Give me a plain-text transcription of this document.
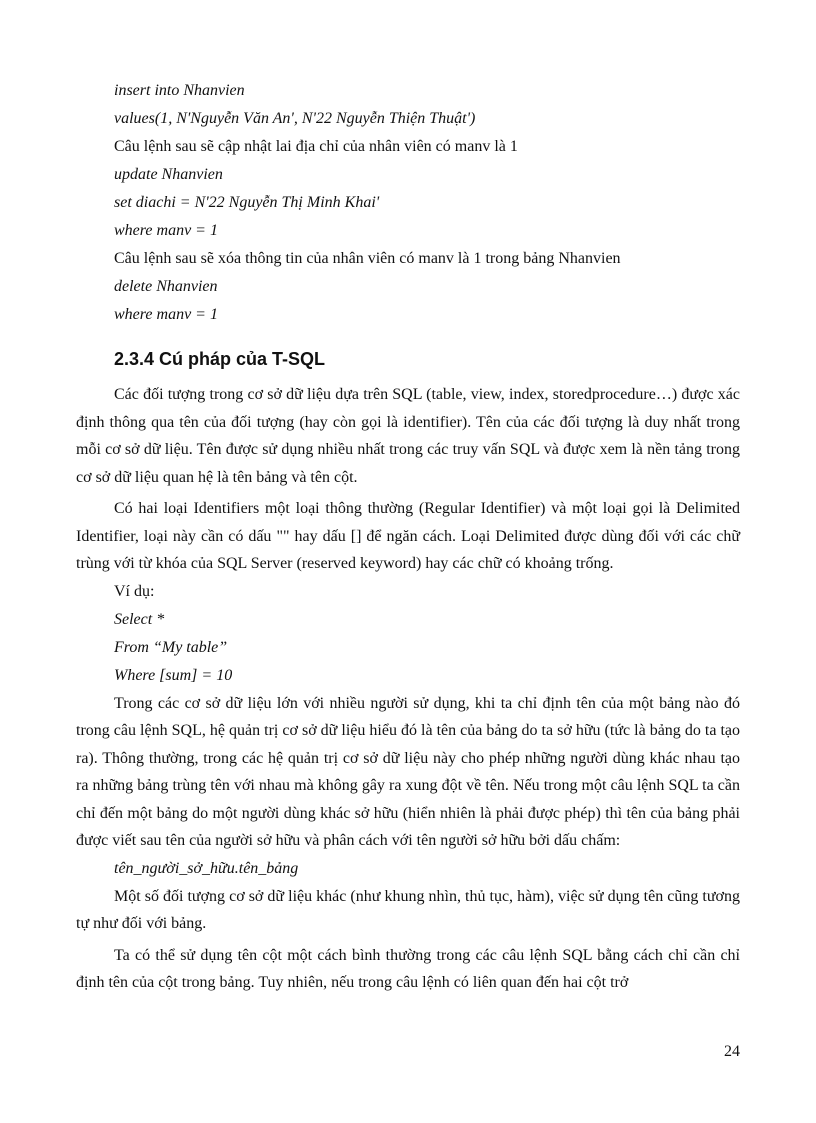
insert into Nhanvien
values(1, N'Nguyễn Văn An', N'22 Nguyễn Thiện Thuật')
Câu lệnh sau sẽ cập nhật lai địa chỉ của nhân viên có manv là 1
update Nhanvien
set diachi = N'22 Nguyễn Thị Minh Khai'
where manv = 1
Câu lệnh sau sẽ xóa thông tin của nhân viên có manv là 1 trong bảng Nhanvien
delete Nhanvien
where manv = 1
2.3.4 Cú pháp của T-SQL

Các đối tượng trong cơ sở dữ liệu dựa trên SQL (table, view, index, storedprocedure…) được xác định thông qua tên của đối tượng (hay còn gọi là identifier). Tên của các đối tượng là duy nhất trong mỗi cơ sở dữ liệu. Tên được sử dụng nhiều nhất trong các truy vấn SQL và được xem là nền tảng trong cơ sở dữ liệu quan hệ là tên bảng và tên cột.

Có hai loại Identifiers một loại thông thường (Regular Identifier) và một loại gọi là Delimited Identifier, loại này cần có dấu "" hay dấu [] để ngăn cách. Loại Delimited được dùng đối với các chữ trùng với từ khóa của SQL Server (reserved keyword) hay các chữ có khoảng trống.

Ví dụ:
Select *
From “My table”
Where [sum] = 10

Trong các cơ sở dữ liệu lớn với nhiều người sử dụng, khi ta chỉ định tên của một bảng nào đó trong câu lệnh SQL, hệ quản trị cơ sở dữ liệu hiểu đó là tên của bảng do ta sở hữu (tức là bảng do ta tạo ra). Thông thường, trong các hệ quản trị cơ sở dữ liệu này cho phép những người dùng khác nhau tạo ra những bảng trùng tên với nhau mà không gây ra xung đột về tên. Nếu trong một câu lệnh SQL ta cần chỉ đến một bảng do một người dùng khác sở hữu (hiển nhiên là phải được phép) thì tên của bảng phải được viết sau tên của người sở hữu và phân cách với tên người sở hữu bởi dấu chấm:

tên_người_sở_hữu.tên_bảng

Một số đối tượng cơ sở dữ liệu khác (như khung nhìn, thủ tục, hàm), việc sử dụng tên cũng tương tự như đối với bảng.

Ta có thể sử dụng tên cột một cách bình thường trong các câu lệnh SQL bằng cách chỉ cần chỉ định tên của cột trong bảng. Tuy nhiên, nếu trong câu lệnh có liên quan đến hai cột trở

24
